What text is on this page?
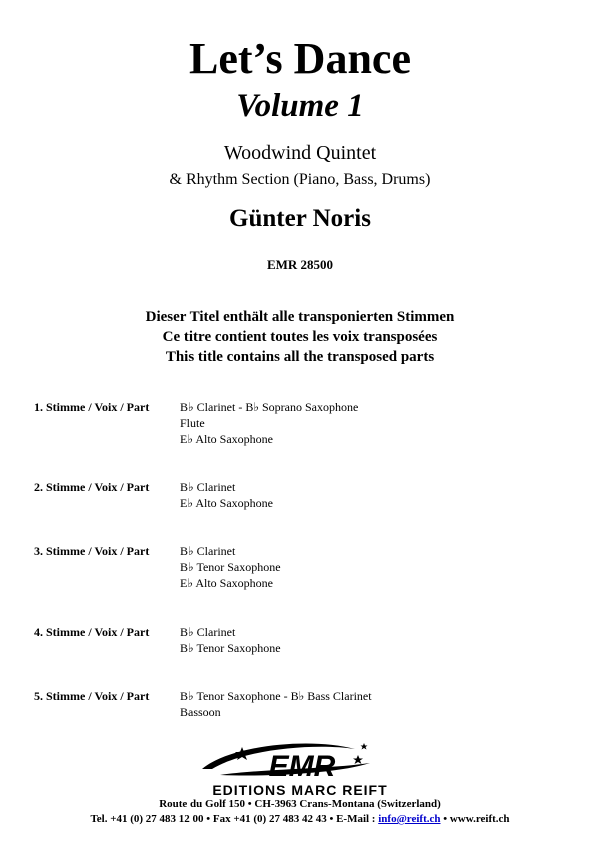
Let’s Dance
Volume 1
Woodwind Quintet
& Rhythm Section (Piano, Bass, Drums)
Günter Noris
EMR 28500
Dieser Titel enthält alle transponierten Stimmen
Ce titre contient toutes les voix transposées
This title contains all the transposed parts
1. Stimme / Voix / Part	B♭ Clarinet - B♭ Soprano Saxophone
Flute
E♭ Alto Saxophone
2. Stimme / Voix / Part	B♭ Clarinet
E♭ Alto Saxophone
3. Stimme / Voix / Part	B♭ Clarinet
B♭ Tenor Saxophone
E♭ Alto Saxophone
4. Stimme / Voix / Part	B♭ Clarinet
B♭ Tenor Saxophone
5. Stimme / Voix / Part	B♭ Tenor Saxophone - B♭ Bass Clarinet
Bassoon
EMR
EDITIONS MARC REIFT
Route du Golf 150 • CH-3963 Crans-Montana (Switzerland)
Tel. +41 (0) 27 483 12 00 • Fax +41 (0) 27 483 42 43 • E-Mail : info@reift.ch • www.reift.ch
